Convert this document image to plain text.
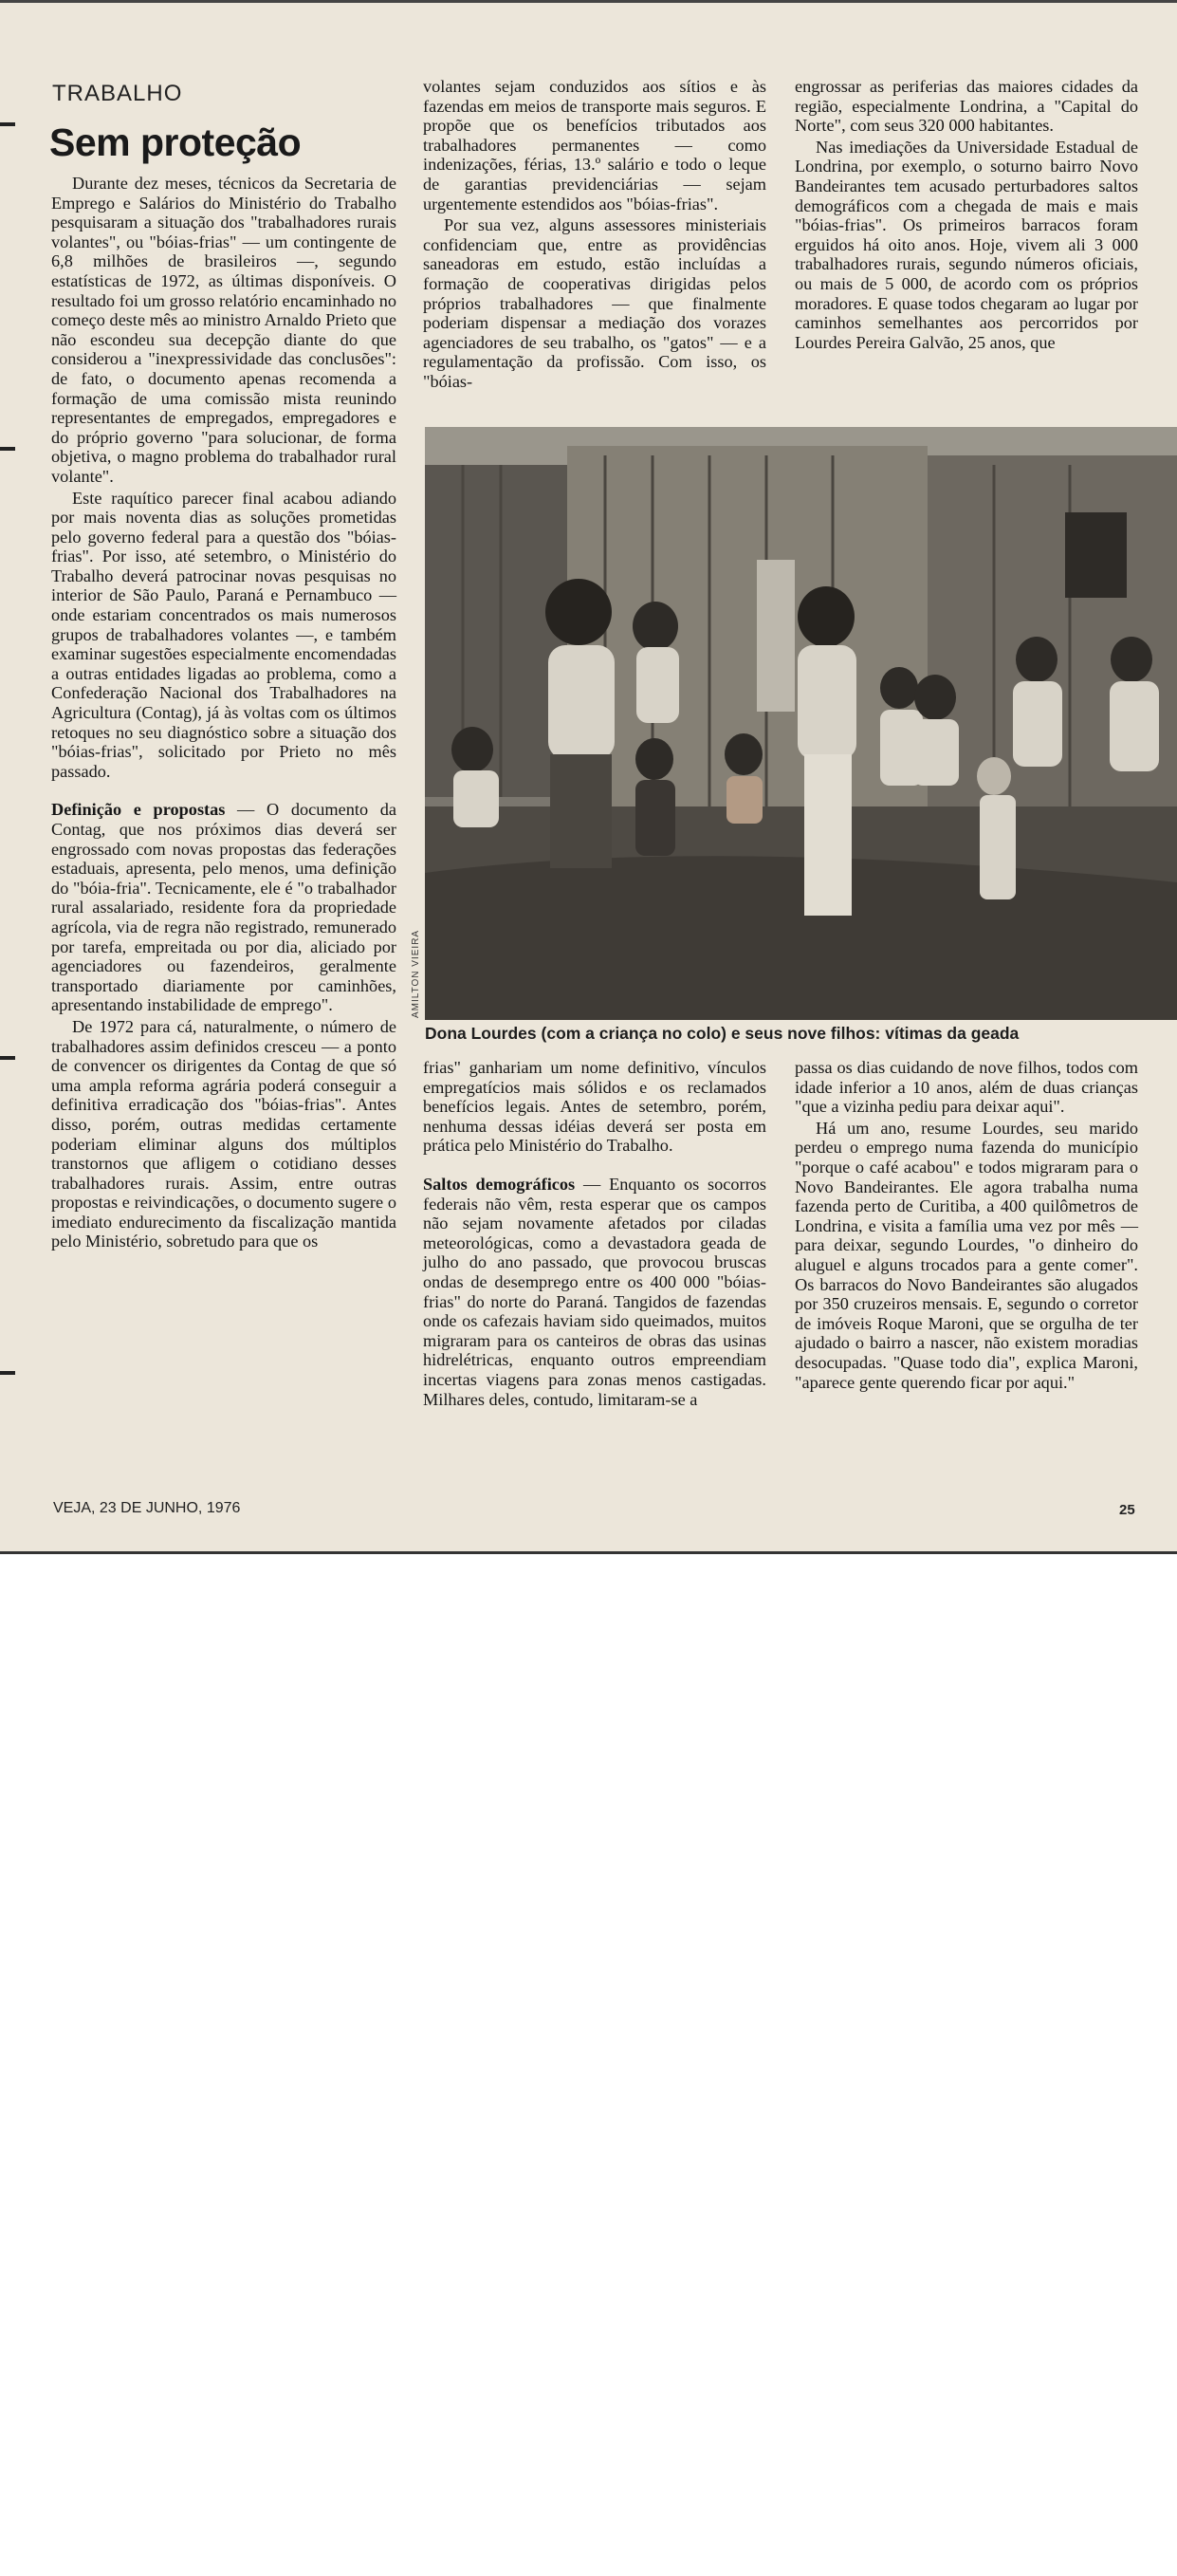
TRABALHO
Sem proteção

Durante dez meses, técnicos da Secretaria de Emprego e Salários do Ministério do Trabalho pesquisaram a situação dos "trabalhadores rurais volantes", ou "bóias-frias" — um contingente de 6,8 milhões de brasileiros —, segundo estatísticas de 1972, as últimas disponíveis. O resultado foi um grosso relatório encaminhado no começo deste mês ao ministro Arnaldo Prieto que não escondeu sua decepção diante do que considerou a "inexpressividade das conclusões": de fato, o documento apenas recomenda a formação de uma comissão mista reunindo representantes de empregados, empregadores e do próprio governo "para solucionar, de forma objetiva, o magno problema do trabalhador rural volante".

Este raquítico parecer final acabou adiando por mais noventa dias as soluções prometidas pelo governo federal para a questão dos "bóias-frias". Por isso, até setembro, o Ministério do Trabalho deverá patrocinar novas pesquisas no interior de São Paulo, Paraná e Pernambuco — onde estariam concentrados os mais numerosos grupos de trabalhadores volantes —, e também examinar sugestões especialmente encomendadas a outras entidades ligadas ao problema, como a Confederação Nacional dos Trabalhadores na Agricultura (Contag), já às voltas com os últimos retoques no seu diagnóstico sobre a situação dos "bóias-frias", solicitado por Prieto no mês passado.

Definição e propostas — O documento da Contag, que nos próximos dias deverá ser engrossado com novas propostas das federações estaduais, apresenta, pelo menos, uma definição do "bóia-fria". Tecnicamente, ele é "o trabalhador rural assalariado, residente fora da propriedade agrícola, via de regra não registrado, remunerado por tarefa, empreitada ou por dia, aliciado por agenciadores ou fazendeiros, geralmente transportado diariamente por caminhões, apresentando instabilidade de emprego".

De 1972 para cá, naturalmente, o número de trabalhadores assim definidos cresceu — a ponto de convencer os dirigentes da Contag de que só uma ampla reforma agrária poderá conseguir a definitiva erradicação dos "bóias-frias". Antes disso, porém, outras medidas certamente poderiam eliminar alguns dos múltiplos transtornos que afligem o cotidiano desses trabalhadores rurais. Assim, entre outras propostas e reivindicações, o documento sugere o imediato endurecimento da fiscalização mantida pelo Ministério, sobretudo para que os

volantes sejam conduzidos aos sítios e às fazendas em meios de transporte mais seguros. E propõe que os benefícios tributados aos trabalhadores permanentes — como indenizações, férias, 13.º salário e todo o leque de garantias previdenciárias — sejam urgentemente estendidos aos "bóias-frias".

Por sua vez, alguns assessores ministeriais confidenciam que, entre as providências saneadoras em estudo, estão incluídas a formação de cooperativas dirigidas pelos próprios trabalhadores — que finalmente poderiam dispensar a mediação dos vorazes agenciadores de seu trabalho, os "gatos" — e a regulamentação da profissão. Com isso, os "bóias-

engrossar as periferias das maiores cidades da região, especialmente Londrina, a "Capital do Norte", com seus 320 000 habitantes.

Nas imediações da Universidade Estadual de Londrina, por exemplo, o soturno bairro Novo Bandeirantes tem acusado perturbadores saltos demográficos com a chegada de mais e mais "bóias-frias". Os primeiros barracos foram erguidos há oito anos. Hoje, vivem ali 3 000 trabalhadores rurais, segundo números oficiais, ou mais de 5 000, de acordo com os próprios moradores. E quase todos chegaram ao lugar por caminhos semelhantes aos percorridos por Lourdes Pereira Galvão, 25 anos, que

AMILTON VIEIRA
Dona Lourdes (com a criança no colo) e seus nove filhos: vítimas da geada

frias" ganhariam um nome definitivo, vínculos empregatícios mais sólidos e os reclamados benefícios legais. Antes de setembro, porém, nenhuma dessas idéias deverá ser posta em prática pelo Ministério do Trabalho.

Saltos demográficos — Enquanto os socorros federais não vêm, resta esperar que os campos não sejam novamente afetados por ciladas meteorológicas, como a devastadora geada de julho do ano passado, que provocou bruscas ondas de desemprego entre os 400 000 "bóias-frias" do norte do Paraná. Tangidos de fazendas onde os cafezais haviam sido queimados, muitos migraram para os canteiros de obras das usinas hidrelétricas, enquanto outros empreendiam incertas viagens para zonas menos castigadas. Milhares deles, contudo, limitaram-se a

passa os dias cuidando de nove filhos, todos com idade inferior a 10 anos, além de duas crianças "que a vizinha pediu para deixar aqui".

Há um ano, resume Lourdes, seu marido perdeu o emprego numa fazenda do município "porque o café acabou" e todos migraram para o Novo Bandeirantes. Ele agora trabalha numa fazenda perto de Curitiba, a 400 quilômetros de Londrina, e visita a família uma vez por mês — para deixar, segundo Lourdes, "o dinheiro do aluguel e alguns trocados para a gente comer". Os barracos do Novo Bandeirantes são alugados por 350 cruzeiros mensais. E, segundo o corretor de imóveis Roque Maroni, que se orgulha de ter ajudado o bairro a nascer, não existem moradias desocupadas. "Quase todo dia", explica Maroni, "aparece gente querendo ficar por aqui."

VEJA, 23 DE JUNHO, 1976	25
